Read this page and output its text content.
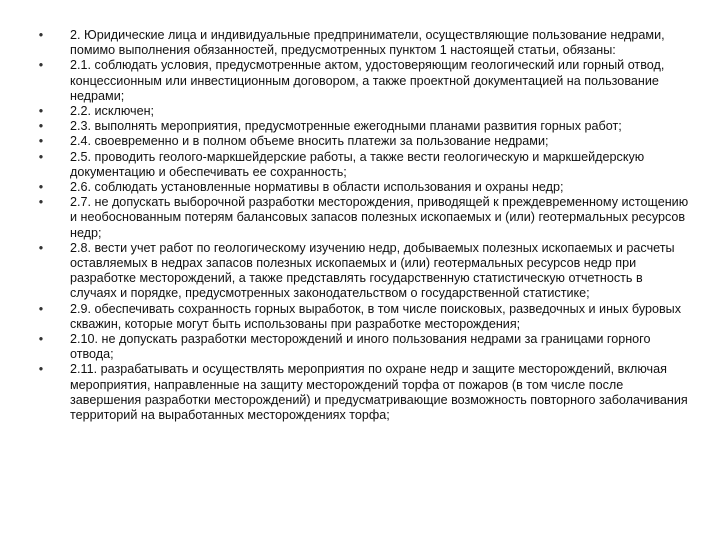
• 2. Юридические лица и индивидуальные предприниматели, осуществляющие пользование недрами, помимо выполнения обязанностей, предусмотренных пунктом 1 настоящей статьи, обязаны:
• 2.1. соблюдать условия, предусмотренные актом, удостоверяющим геологический или горный отвод, концессионным или инвестиционным договором, а также проектной документацией на пользование недрами;
• 2.2. исключен;
• 2.3. выполнять мероприятия, предусмотренные ежегодными планами развития горных работ;
• 2.4. своевременно и в полном объеме вносить платежи за пользование недрами;
• 2.5. проводить геолого-маркшейдерские работы, а также вести геологическую и маркшейдерскую документацию и обеспечивать ее сохранность;
• 2.6. соблюдать установленные нормативы в области использования и охраны недр;
• 2.7. не допускать выборочной разработки месторождения, приводящей к преждевременному истощению и необоснованным потерям балансовых запасов полезных ископаемых и (или) геотермальных ресурсов недр;
• 2.8. вести учет работ по геологическому изучению недр, добываемых полезных ископаемых и расчеты оставляемых в недрах запасов полезных ископаемых и (или) геотермальных ресурсов недр при разработке месторождений, а также представлять государственную статистическую отчетность в случаях и порядке, предусмотренных законодательством о государственной статистике;
• 2.9. обеспечивать сохранность горных выработок, в том числе поисковых, разведочных и иных буровых скважин, которые могут быть использованы при разработке месторождения;
• 2.10. не допускать разработки месторождений и иного пользования недрами за границами горного отвода;
• 2.11. разрабатывать и осуществлять мероприятия по охране недр и защите месторождений, включая мероприятия, направленные на защиту месторождений торфа от пожаров (в том числе после завершения разработки месторождений) и предусматривающие возможность повторного заболачивания территорий на выработанных месторождениях торфа;
